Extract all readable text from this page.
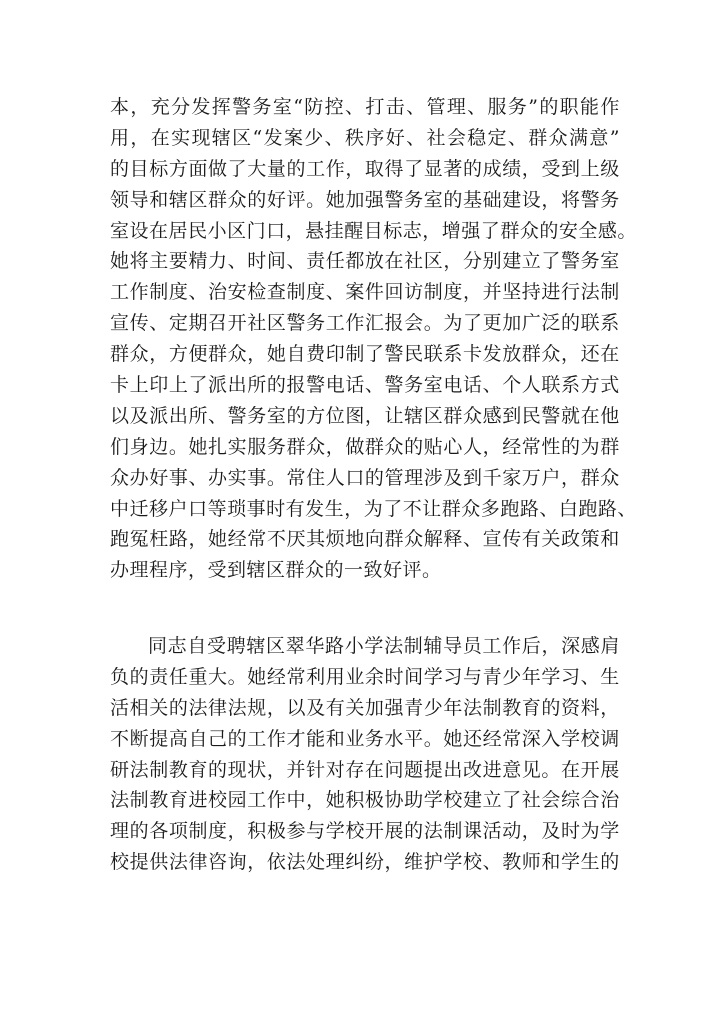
本 ， 充 分 发 挥 警 务 室 “ 防 控 、 打 击 、 管 理 、 服 务 ” 的 职 能 作
用 ， 在 实 现 辖 区 “ 发 案 少 、 秩 序 好 、 社 会 稳 定 、 群 众 满 意 ”
的 目 标 方 面 做 了 大 量 的 工 作 ， 取 得 了 显 著 的 成 绩 ， 受 到 上 级
领 导 和 辖 区 群 众 的 好 评 。 她 加 强 警 务 室 的 基 础 建 设 ， 将 警 务
室 设 在 居 民 小 区 门 口 ， 悬 挂 醒 目 标 志 ， 增 强 了 群 众 的 安 全 感 。
她 将 主 要 精 力 、 时 间 、 责 任 都 放 在 社 区 ， 分 别 建 立 了 警 务 室
工 作 制 度 、 治 安 检 查 制 度 、 案 件 回 访 制 度 ， 并 坚 持 进 行 法 制
宣 传 、 定 期 召 开 社 区 警 务 工 作 汇 报 会 。 为 了 更 加 广 泛 的 联 系
群 众 ， 方 便 群 众 ， 她 自 费 印 制 了 警 民 联 系 卡 发 放 群 众 ， 还 在
卡 上 印 上 了 派 出 所 的 报 警 电 话 、 警 务 室 电 话 、 个 人 联 系 方 式
以 及 派 出 所 、 警 务 室 的 方 位 图 ， 让 辖 区 群 众 感 到 民 警 就 在 他
们 身 边 。 她 扎 实 服 务 群 众 ， 做 群 众 的 贴 心 人 ， 经 常 性 的 为 群
众 办 好 事 、 办 实 事 。 常 住 人 口 的 管 理 涉 及 到 千 家 万 户 ， 群 众
中 迁 移 户 口 等 琐 事 时 有 发 生 ， 为 了 不 让 群 众 多 跑 路 、 白 跑 路 、
跑 冤 枉 路 ， 她 经 常 不 厌 其 烦 地 向 群 众 解 释 、 宣 传 有 关 政 策 和
办理程序，受到辖区群众的一致好评。
同 志 自 受 聘 辖 区 翠 华 路 小 学 法 制 辅 导 员 工 作 后 ， 深 感 肩
负 的 责 任 重 大 。 她 经 常 利 用 业 余 时 间 学 习 与 青 少 年 学 习 、 生
活 相 关 的 法 律 法 规 ， 以 及 有 关 加 强 青 少 年 法 制 教 育 的 资 料 ，
不 断 提 高 自 己 的 工 作 才 能 和 业 务 水 平 。 她 还 经 常 深 入 学 校 调
研 法 制 教 育 的 现 状 ， 并 针 对 存 在 问 题 提 出 改 进 意 见 。 在 开 展
法 制 教 育 进 校 园 工 作 中 ， 她 积 极 协 助 学 校 建 立 了 社 会 综 合 治
理 的 各 项 制 度 ， 积 极 参 与 学 校 开 展 的 法 制 课 活 动 ， 及 时 为 学
校 提 供 法 律 咨 询 ， 依 法 处 理 纠 纷 ， 维 护 学 校 、 教 师 和 学 生 的
